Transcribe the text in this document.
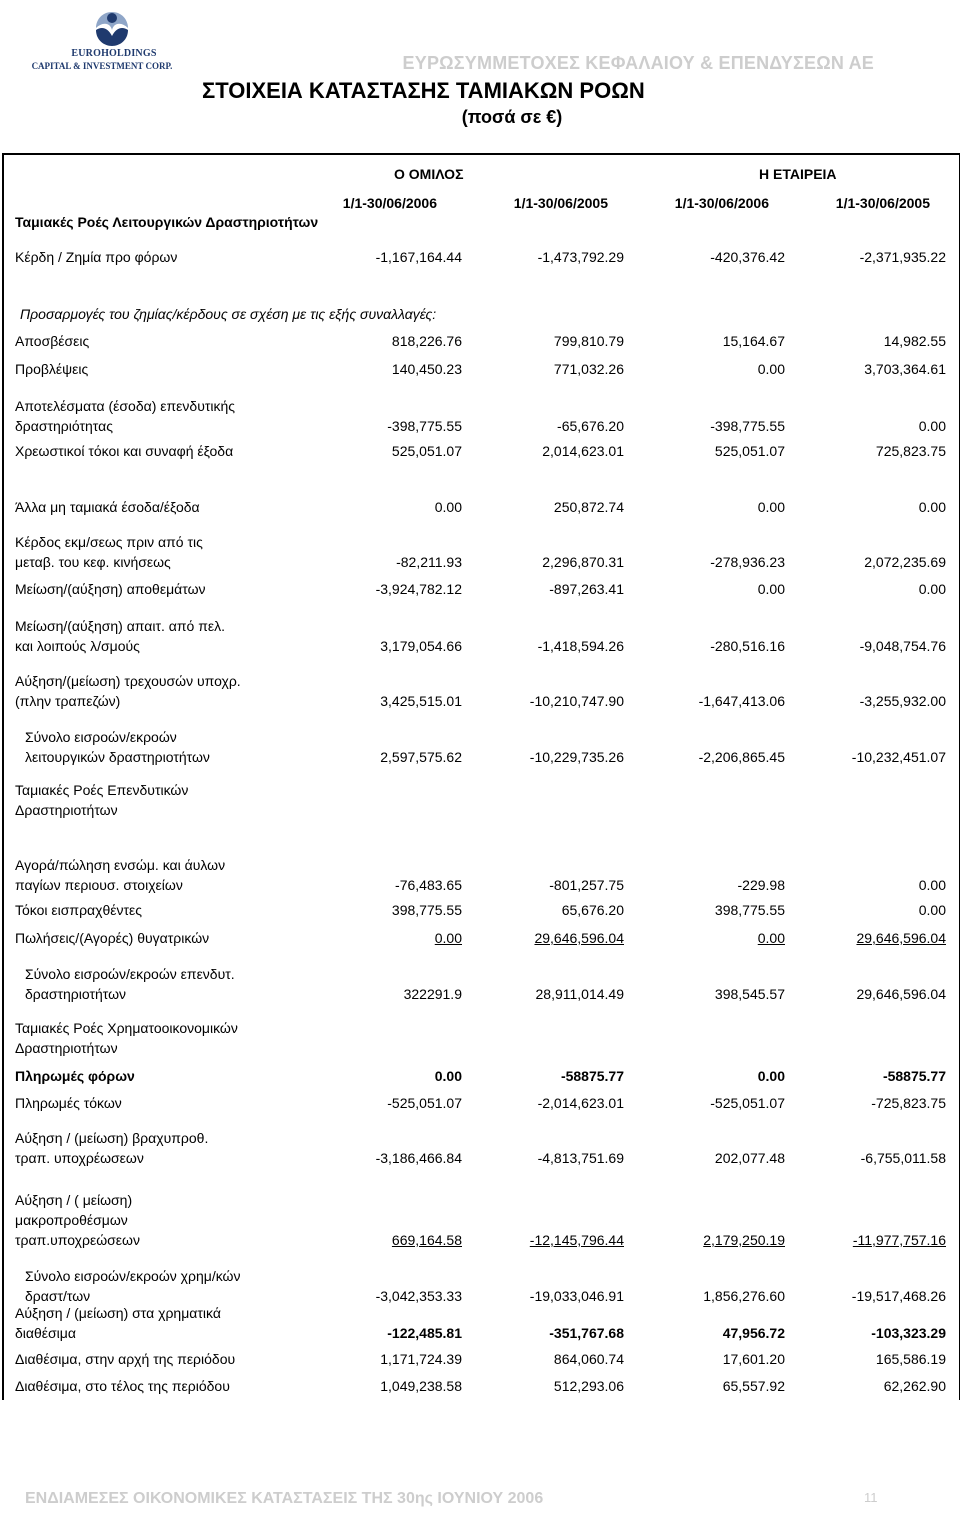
EUROHOLDINGS
CAPITAL & INVESTMENT CORP.	ΕΥΡΩΣΥΜΜΕΤΟΧΕΣ ΚΕΦΑΛΑΙΟΥ & ΕΠΕΝΔΥΣΕΩΝ ΑΕ
ΣΤΟΙΧΕΙΑ ΚΑΤΑΣΤΑΣΗΣ ΤΑΜΙΑΚΩΝ ΡΟΩΝ
(ποσά σε €)
Ο ΟΜΙΛΟΣ	Η ΕΤΑΙΡΕΙΑ
1/1-30/06/2006	1/1-30/06/2005	1/1-30/06/2006	1/1-30/06/2005
Ταμιακές Ροές Λειτουργικών Δραστηριοτήτων
Κέρδη / Ζημία προ φόρων	-1,167,164.44	-1,473,792.29	-420,376.42	-2,371,935.22
Προσαρμογές του ζημίας/κέρδους σε σχέση με τις εξής συναλλαγές:
Αποσβέσεις	818,226.76	799,810.79	15,164.67	14,982.55
Προβλέψεις	140,450.23	771,032.26	0.00	3,703,364.61
Αποτελέσματα (έσοδα) επενδυτικής
δραστηριότητας	-398,775.55	-65,676.20	-398,775.55	0.00
Χρεωστικοί τόκοι και συναφή έξοδα	525,051.07	2,014,623.01	525,051.07	725,823.75
Άλλα μη ταμιακά έσοδα/έξοδα	0.00	250,872.74	0.00	0.00
Κέρδος εκμ/σεως πριν από τις
μεταβ. του κεφ. κινήσεως	-82,211.93	2,296,870.31	-278,936.23	2,072,235.69
Μείωση/(αύξηση) αποθεμάτων	-3,924,782.12	-897,263.41	0.00	0.00
Μείωση/(αύξηση) απαιτ. από πελ.
και λοιπούς λ/σμούς	3,179,054.66	-1,418,594.26	-280,516.16	-9,048,754.76
Αύξηση/(μείωση) τρεχουσών υποχρ.
(πλην τραπεζών)	3,425,515.01	-10,210,747.90	-1,647,413.06	-3,255,932.00
Σύνολο εισροών/εκροών
λειτουργικών δραστηριοτήτων	2,597,575.62	-10,229,735.26	-2,206,865.45	-10,232,451.07
Ταμιακές Ροές Επενδυτικών
Δραστηριοτήτων
Αγορά/πώληση ενσώμ. και άυλων
παγίων περιουσ. στοιχείων	-76,483.65	-801,257.75	-229.98	0.00
Τόκοι εισπραχθέντες	398,775.55	65,676.20	398,775.55	0.00
Πωλήσεις/(Αγορές) θυγατρικών	0.00	29,646,596.04	0.00	29,646,596.04
Σύνολο εισροών/εκροών επενδυτ.
δραστηριοτήτων	322291.9	28,911,014.49	398,545.57	29,646,596.04
Ταμιακές Ροές Χρηματοοικονομικών
Δραστηριοτήτων
Πληρωμές φόρων	0.00	-58875.77	0.00	-58875.77
Πληρωμές τόκων	-525,051.07	-2,014,623.01	-525,051.07	-725,823.75
Αύξηση / (μείωση) βραχυπροθ.
τραπ. υποχρέωσεων	-3,186,466.84	-4,813,751.69	202,077.48	-6,755,011.58
Αύξηση / ( μείωση)
μακροπροθέσμων
τραπ.υποχρεώσεων	669,164.58	-12,145,796.44	2,179,250.19	-11,977,757.16
Σύνολο εισροών/εκροών χρημ/κών
δραστ/των	-3,042,353.33	-19,033,046.91	1,856,276.60	-19,517,468.26
Αύξηση / (μείωση) στα χρηματικά
διαθέσιμα	-122,485.81	-351,767.68	47,956.72	-103,323.29
Διαθέσιμα, στην αρχή της περιόδου	1,171,724.39	864,060.74	17,601.20	165,586.19
Διαθέσιμα, στο τέλος της περιόδου	1,049,238.58	512,293.06	65,557.92	62,262.90
ΕΝΔΙΑΜΕΣΕΣ ΟΙΚΟΝΟΜΙΚΕΣ ΚΑΤΑΣΤΑΣΕΙΣ ΤΗΣ 30ης ΙΟΥΝΙΟΥ 2006	11
